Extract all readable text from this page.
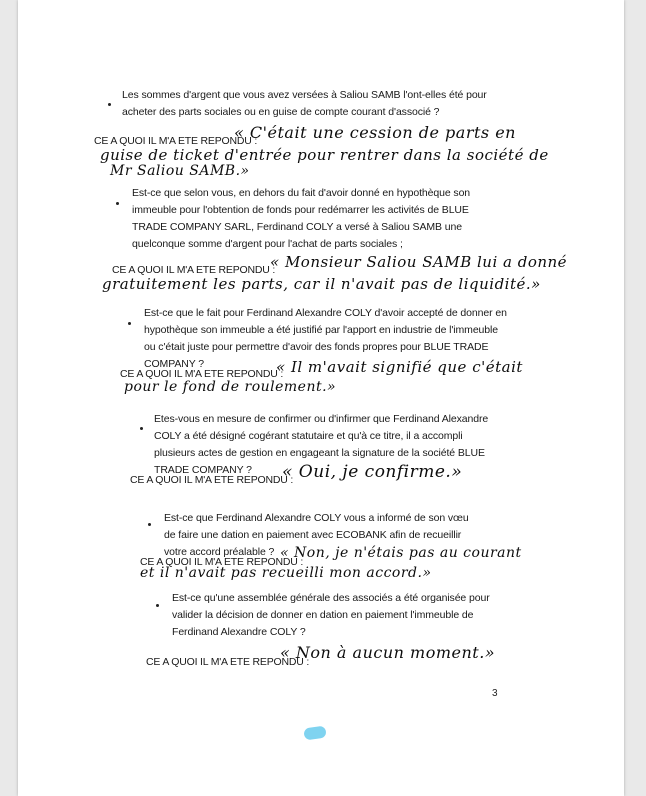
Les sommes d'argent que vous avez versées à Saliou SAMB l'ont-elles été pour acheter des parts sociales ou en guise de compte courant d'associé ?
CE A QUOI IL M'A ETE REPONDU :
« C'était une cession de parts en
guise de ticket d'entrée pour rentrer dans la société de
Mr Saliou SAMB.»
Est-ce que selon vous, en dehors du fait d'avoir donné en hypothèque son immeuble pour l'obtention de fonds pour redémarrer les activités de BLUE TRADE COMPANY SARL, Ferdinand COLY a versé à Saliou SAMB une quelconque somme d'argent pour l'achat de parts sociales ;
CE A QUOI IL M'A ETE REPONDU :
« Monsieur Saliou SAMB lui a donné
gratuitement les parts, car il n'avait pas de liquidité.»
Est-ce que le fait pour Ferdinand Alexandre COLY d'avoir accepté de donner en hypothèque son immeuble a été justifié par l'apport en industrie de l'immeuble ou c'était juste pour permettre d'avoir des fonds propres pour BLUE TRADE COMPANY ?
CE A QUOI IL M'A ETE REPONDU :
« Il m'avait signifié que c'était
pour le fond de roulement.»
Etes-vous en mesure de confirmer ou d'infirmer que Ferdinand Alexandre COLY a été désigné cogérant statutaire et qu'à ce titre, il a accompli plusieurs actes de gestion en engageant la signature de la société BLUE TRADE COMPANY ?
CE A QUOI IL M'A ETE REPONDU :
« Oui, je confirme.»
Est-ce que Ferdinand Alexandre COLY vous a informé de son vœu de faire une dation en paiement avec ECOBANK afin de recueillir votre accord préalable ?
CE A QUOI IL M'A ETE REPONDU :
« Non, je n'étais pas au courant
et il n'avait pas recueilli mon accord.»
Est-ce qu'une assemblée générale des associés a été organisée pour valider la décision de donner en dation en paiement l'immeuble de Ferdinand Alexandre COLY ?
CE A QUOI IL M'A ETE REPONDU :
« Non à aucun moment.»
3
